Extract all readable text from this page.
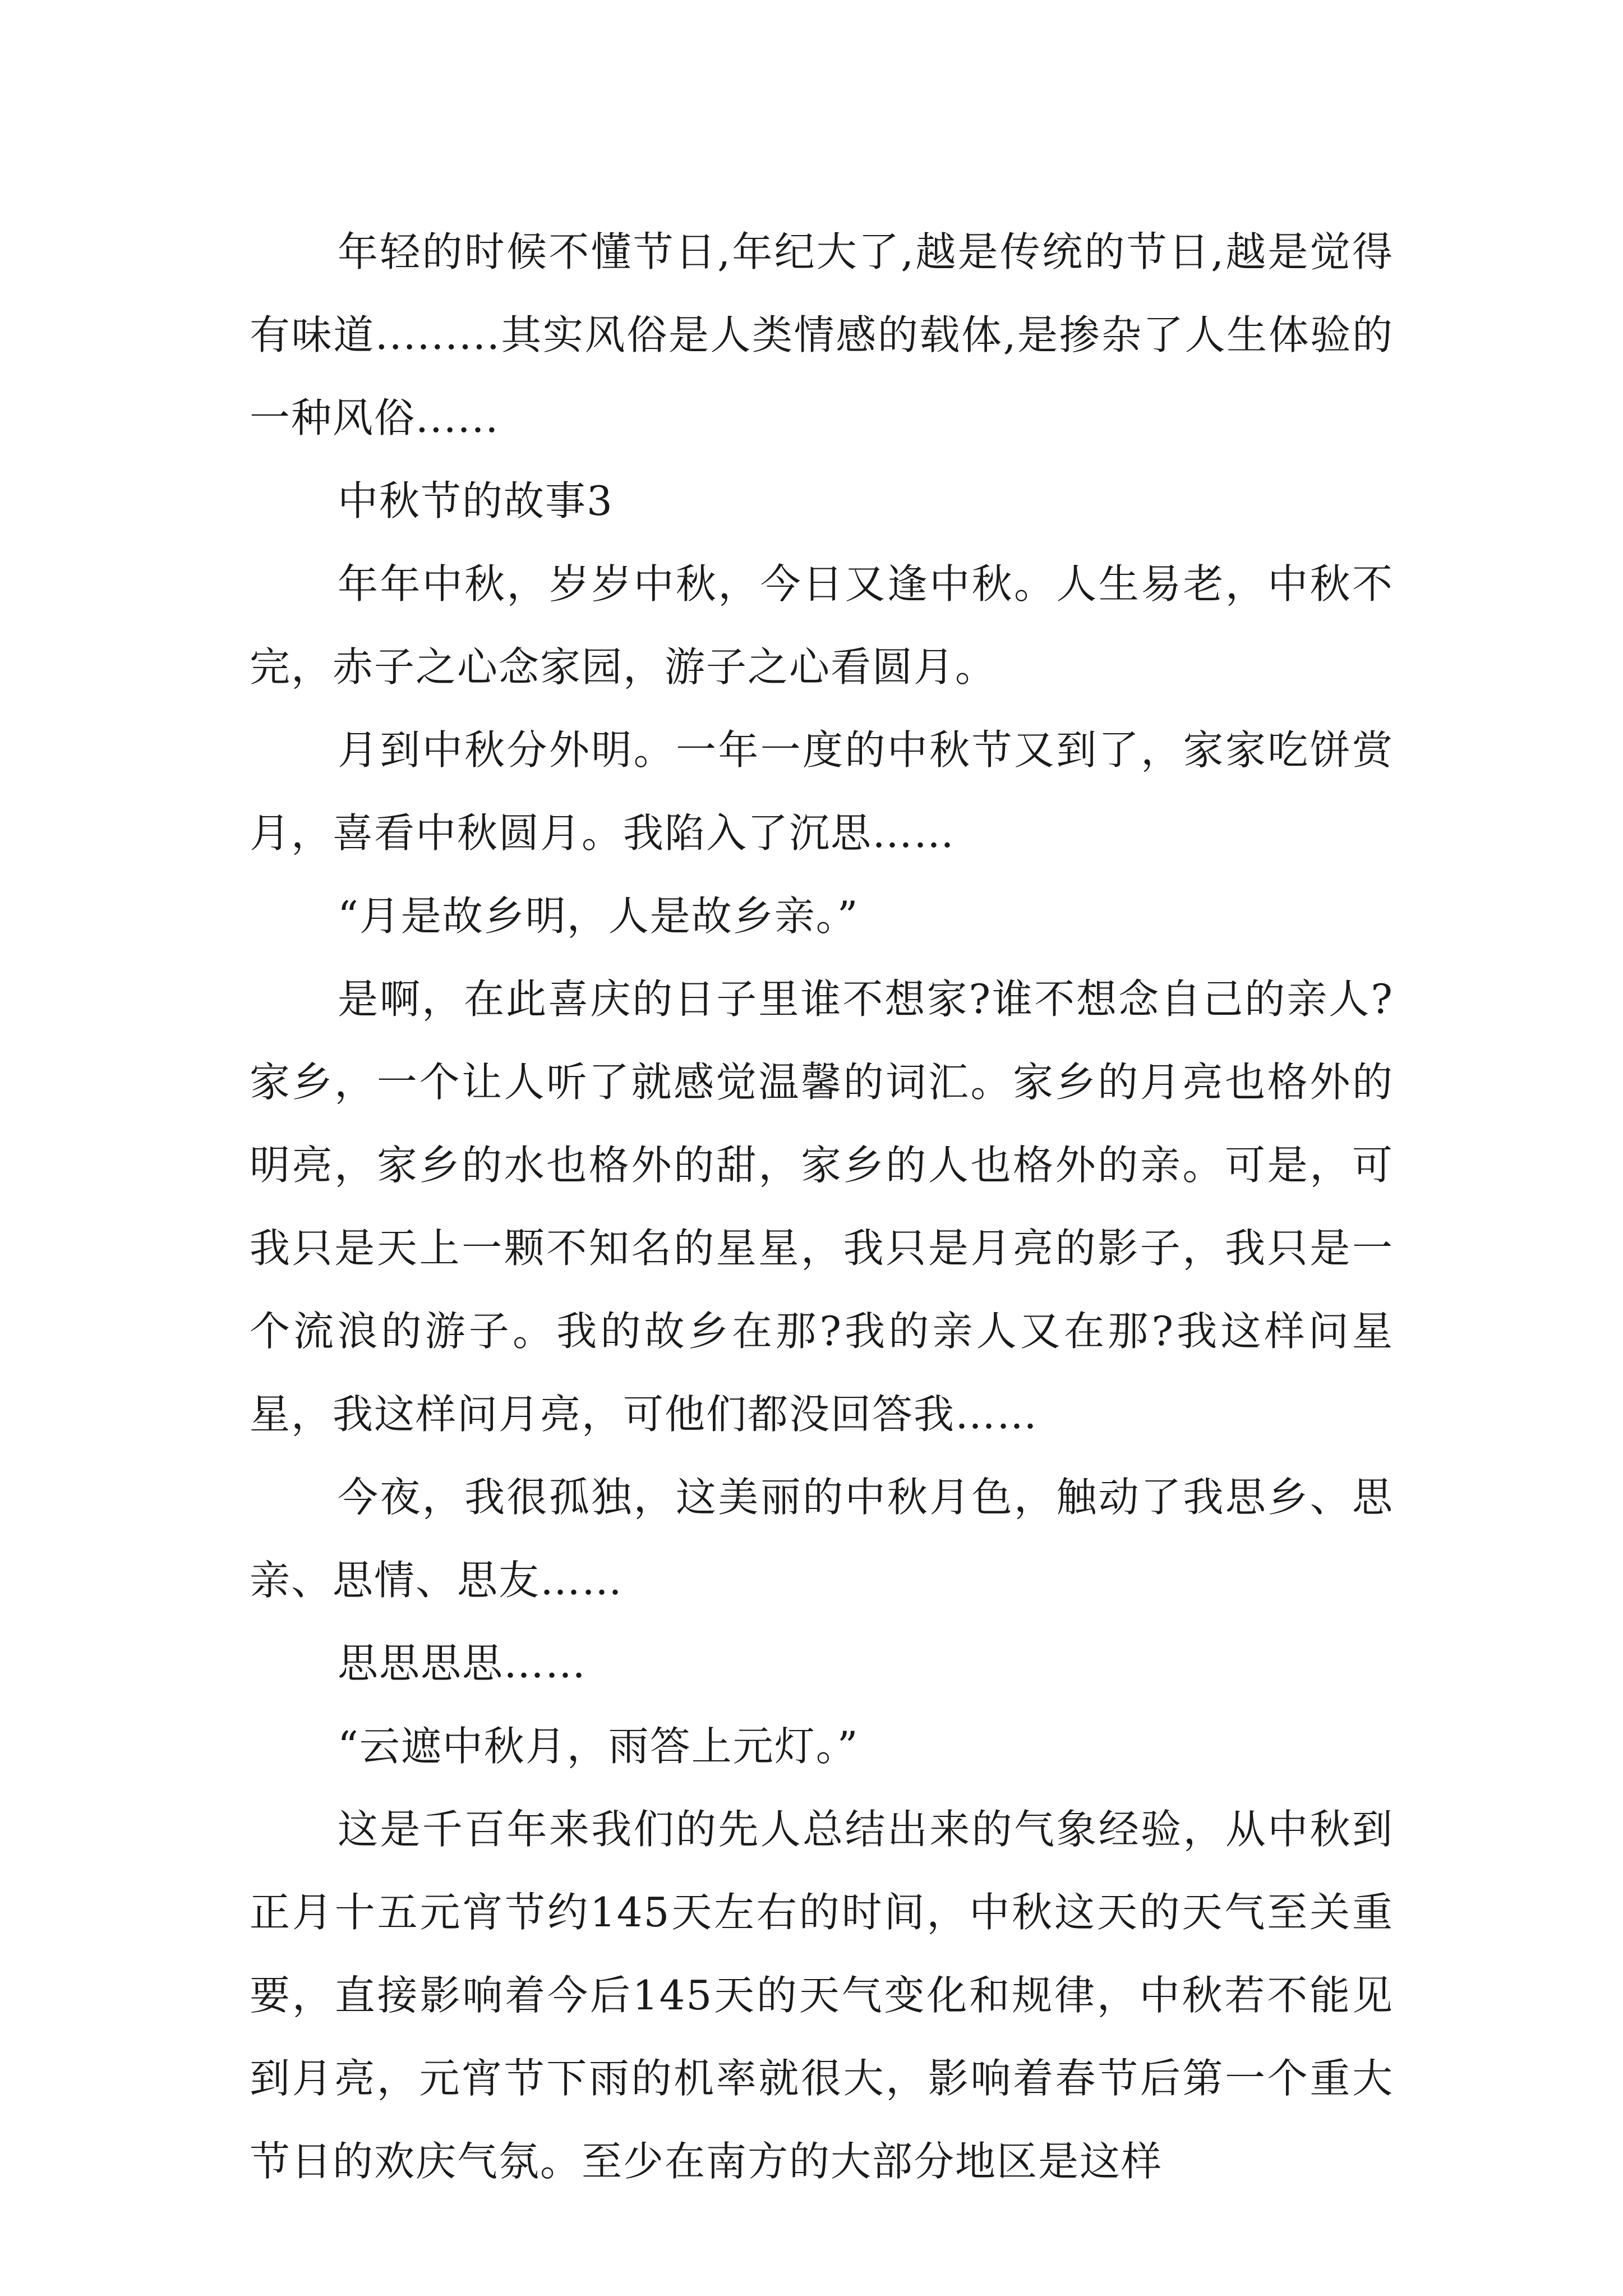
年轻的时候不懂节日,年纪大了,越是传统的节日,越是觉得有味道.........其实风俗是人类情感的载体,是掺杂了人生体验的一种风俗......

中秋节的故事3

年年中秋，岁岁中秋，今日又逢中秋。人生易老，中秋不完，赤子之心念家园，游子之心看圆月。

月到中秋分外明。一年一度的中秋节又到了，家家吃饼赏月，喜看中秋圆月。我陷入了沉思……

“月是故乡明，人是故乡亲。”

是啊，在此喜庆的日子里谁不想家?谁不想念自己的亲人?家乡，一个让人听了就感觉温馨的词汇。家乡的月亮也格外的明亮，家乡的水也格外的甜，家乡的人也格外的亲。可是，可我只是天上一颗不知名的星星，我只是月亮的影子，我只是一个流浪的游子。我的故乡在那?我的亲人又在那?我这样问星星，我这样问月亮，可他们都没回答我……

今夜，我很孤独，这美丽的中秋月色，触动了我思乡、思亲、思情、思友……

思思思思……

“云遮中秋月，雨答上元灯。”

这是千百年来我们的先人总结出来的气象经验，从中秋到正月十五元宵节约145天左右的时间，中秋这天的天气至关重要，直接影响着今后145天的天气变化和规律，中秋若不能见到月亮，元宵节下雨的机率就很大，影响着春节后第一个重大节日的欢庆气氛。至少在南方的大部分地区是这样
